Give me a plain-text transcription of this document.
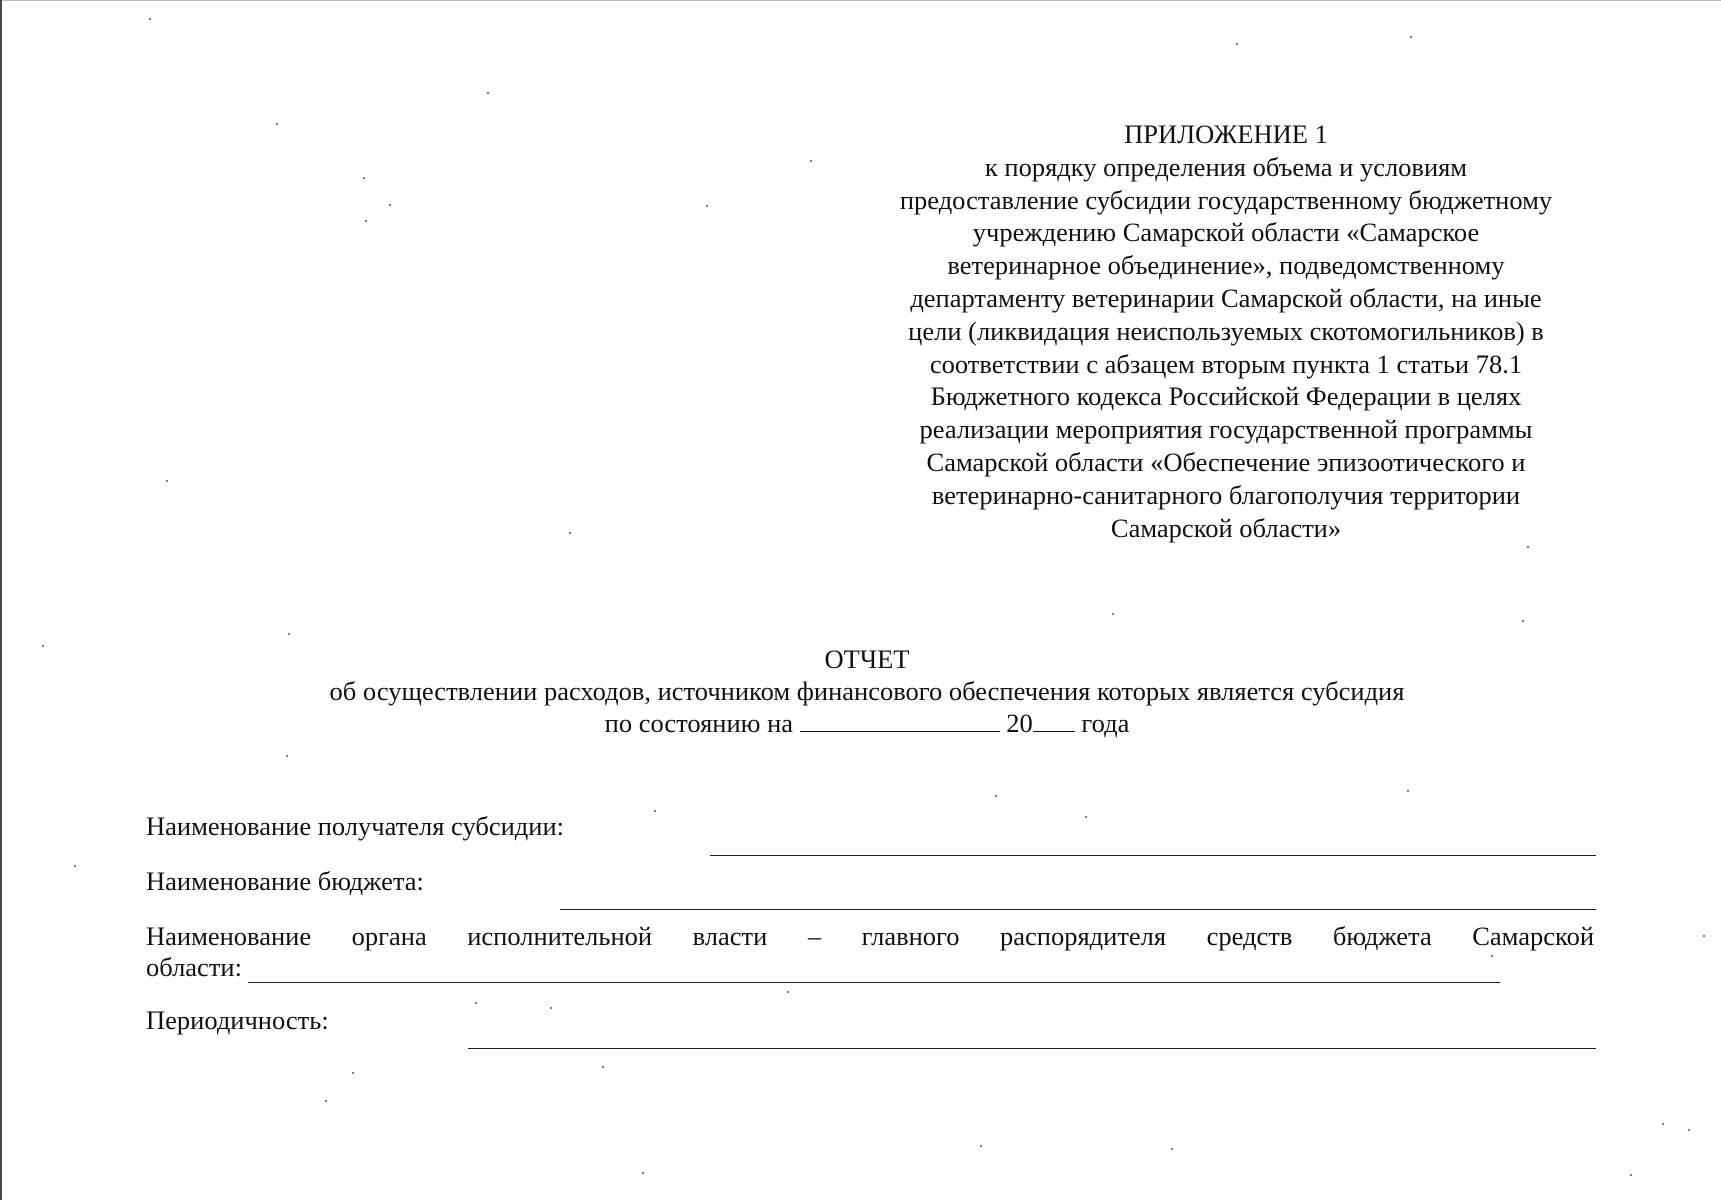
ПРИЛОЖЕНИЕ 1
к порядку определения объема и условиям
предоставление субсидии государственному бюджетному
учреждению Самарской области «Самарское
ветеринарное объединение», подведомственному
департаменту ветеринарии Самарской области, на иные
цели (ликвидация неиспользуемых скотомогильников) в
соответствии с абзацем вторым пункта 1 статьи 78.1
Бюджетного кодекса Российской Федерации в целях
реализации мероприятия государственной программы
Самарской области «Обеспечение эпизоотического и
ветеринарно-санитарного благополучия территории
Самарской области»
ОТЧЕТ
об осуществлении расходов, источником финансового обеспечения которых является субсидия
по состоянию на	20 года
Наименование получателя субсидии:
Наименование бюджета:
Наименование органа исполнительной власти – главного распорядителя средств бюджета Самарской
области:
Периодичность:
